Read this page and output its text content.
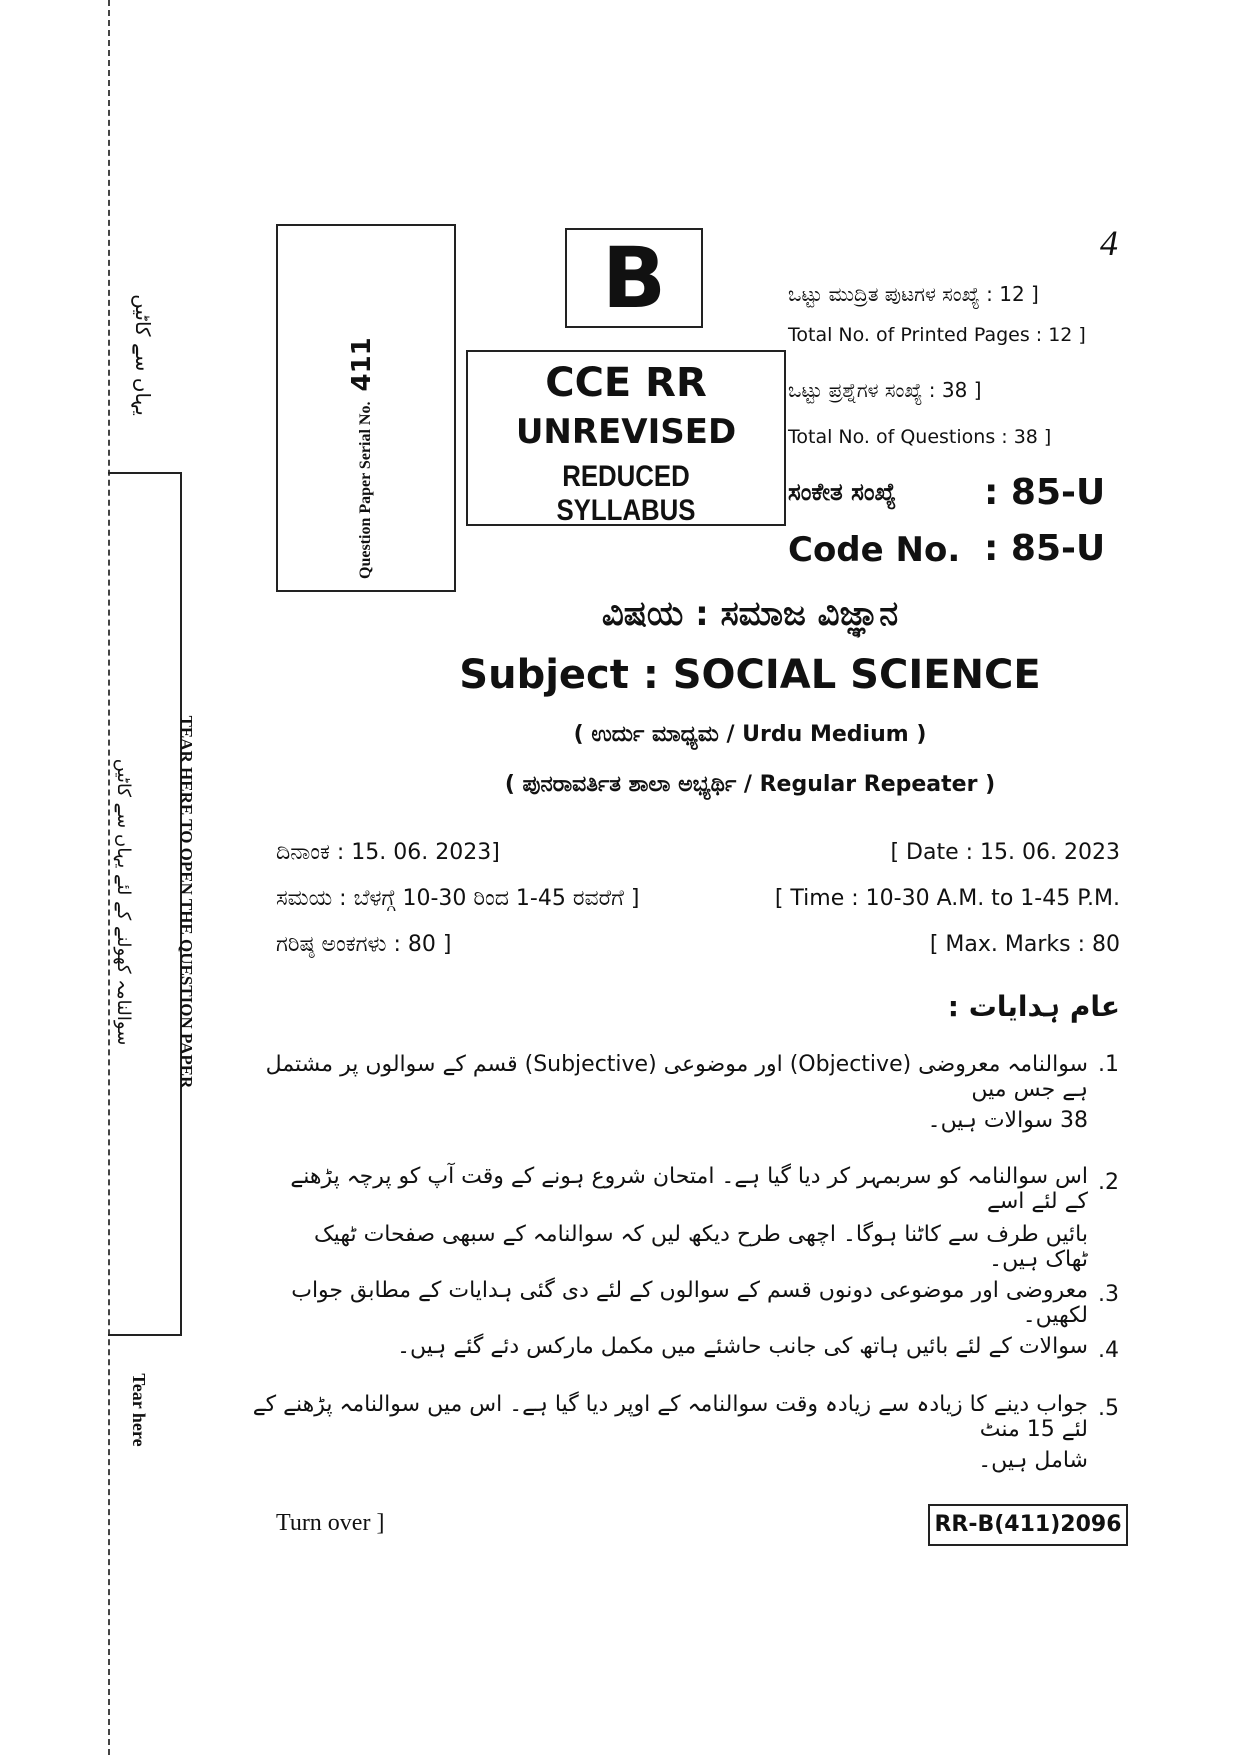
یہاں سے کاٹیں
TEAR HERE TO OPEN THE QUESTION PAPER
سوالنامہ کھولنے کے لئے یہاں سے کاٹیں
Tear here
4
Question Paper Serial No. 411
B
CCE RR
UNREVISED
REDUCED SYLLABUS
ಒಟ್ಟು ಮುದ್ರಿತ ಪುಟಗಳ ಸಂಖ್ಯೆ : 12 ]
Total No. of Printed Pages : 12 ]
ಒಟ್ಟು ಪ್ರಶ್ನೆಗಳ ಸಂಖ್ಯೆ : 38 ]
Total No. of Questions : 38 ]
ಸಂಕೇತ ಸಂಖ್ಯೆ : 85-U
Code No. : 85-U
ವಿಷಯ : ಸಮಾಜ ವಿಜ್ಞಾನ
Subject : SOCIAL SCIENCE
( ಉರ್ದು ಮಾಧ್ಯಮ / Urdu Medium )
( ಪುನರಾವರ್ತಿತ ಶಾಲಾ ಅಭ್ಯರ್ಥಿ / Regular Repeater )
ದಿನಾಂಕ : 15. 06. 2023]	[ Date : 15. 06. 2023
ಸಮಯ : ಬೆಳಗ್ಗೆ 10-30 ರಿಂದ 1-45 ರವರೆಗೆ ]	[ Time : 10-30 A.M. to 1-45 P.M.
ಗರಿಷ್ಠ ಅಂಕಗಳು : 80 ]	[ Max. Marks : 80
عام ہدایات :
.1
سوالنامہ معروضی (Objective) اور موضوعی (Subjective) قسم کے سوالوں پر مشتمل ہے جس میں
38 سوالات ہیں۔
.2
اس سوالنامہ کو سربمہر کر دیا گیا ہے۔ امتحان شروع ہونے کے وقت آپ کو پرچہ پڑھنے کے لئے اسے
بائیں طرف سے کاٹنا ہوگا۔ اچھی طرح دیکھ لیں کہ سوالنامہ کے سبھی صفحات ٹھیک ٹھاک ہیں۔
.3
معروضی اور موضوعی دونوں قسم کے سوالوں کے لئے دی گئی ہدایات کے مطابق جواب لکھیں۔
.4
سوالات کے لئے بائیں ہاتھ کی جانب حاشئے میں مکمل مارکس دئے گئے ہیں۔
.5
جواب دینے کا زیادہ سے زیادہ وقت سوالنامہ کے اوپر دیا گیا ہے۔ اس میں سوالنامہ پڑھنے کے لئے 15 منٹ
شامل ہیں۔
Turn over ]	RR-B(411)2096
